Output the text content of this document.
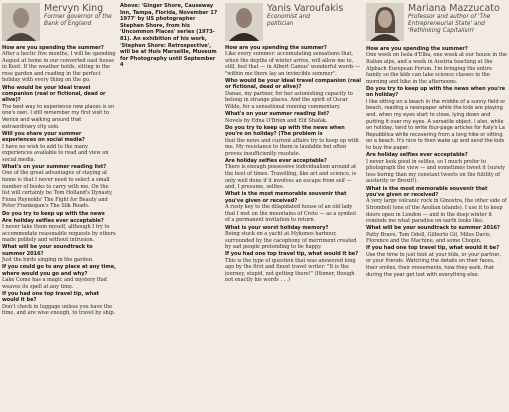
Mervyn King
Former governor of the
Bank of England
How are you spending the summer?
After a hectic five months, I will be spending August at home in our converted oast house in Kent. If the weather holds, sitting in the rose garden and reading in the perfect holiday with every thing on the go.
Who would be your ideal travel companion (real or fictional, dead or alive)?
The best way to experience new places is on one's own. I still remember my first visit to Venice and walking around that extraordinary city solo.
Will you share your summer experiences on social media?
I have no wish to add to the many experiences available to read and view on social media.
What's on your summer reading list?
One of the great advantages of staying at home is that I never need to select a small number of books to carry with me. On the list will certainly be Tom Holland's Dynasty, Fiona Reynolds' The Fight for Beauty and Peter Frankopan's The Silk Roads.
Do you try to keep up with the news
Are holiday selfies ever acceptable?
I never take them myself, although I try to accommodate reasonable requests by others made politely and without intrusion.
What will be your soundtrack to summer 2016?
Just the birds singing in the garden.
If you could go to any place at any time, where would you go and why?
Lake Como has a magic and mystery that weaves its spell at any time.
If you had one top travel tip, what would it be?
Don't check in luggage unless you have the time, and are wise enough, to travel by ship.
Above: 'Ginger Shore, Causeway Inn, Tampa, Florida, November 17 1977' by US photographer Stephen Shore, from his 'Uncommon Places' series (1973-81). An exhibition of his work, 'Stephen Shore: Retrospective', will be at Huis Marseille, Museum for Photography until September 4
Yanis Varoufakis
Economist and
politician
How are you spending the summer?
Like every summer: accumulating sensations that, when the depths of winter arrive, will allow me to, still, feel that — in Albert Camus' wonderful words — "within me there lay an invincible summer".
Who would be your ideal travel companion (real or fictional, dead or alive)?
Danae, my partner, for her astonishing capacity to belong in strange places. And the spirit of Oscar Wilde, for a sensational running commentary.
What's on your summer reading list?
Novels by Edna O'Brien and Elif Shafak.
Do you try to keep up with the news when you're on holiday? (The problem is
that the news and current affairs try to keep up with me. My resistance to them is laudable but often proves insufficiently resolute.
Are holiday selfies ever acceptable?
There is enough possessive individualism around at the best of times. Travelling, like art and science, is only well done if it involves an escape from self — and, I presume, selfies.
What is the most memorable souvenir that you've given or received?
A rusty key to the dilapidated house of an old lady that I met on the mountains of Crete — as a symbol of a permanent invitation to return.
What is your worst holiday memory?
Being stuck on a yacht at Mykonos harbour, surrounded by the cacophony of merriment created by sad people pretending to be happy.
If you had one top travel tip, what would it be?
This is the type of question that was answered long ago by the first and finest travel writer: "It is the journey, stupid, not getting there!" (Homer, though not exactly his words . . .)
Mariana Mazzucato
Professor and author of 'The
Entrepreneurial State' and
'Rethinking Capitalism'
How are you spending the summer?
One week on Isola d'Elba, one week at our house in the Italian alps, and a week in Austria teaching at the Alpbach European Forum. I'm bringing the entire family so the kids can take science classes in the morning and hike in the afternoons.
Do you try to keep up with the news when you're on holiday?
I like sitting on a beach in the middle of a sunny field or beach, reading a newspaper while the kids are playing and, when my eyes start to close, lying down and putting it over my eyes. A versatile object. I also, while on holiday, tend to write four-page articles for Italy's La Repubblica while recovering from a long hike or sitting on a beach. It's nice to then wake up and send the kids to buy the paper.
Are holiday selfies ever acceptable?
I never look good in selfies, so I much prefer to photograph the view — and sometimes tweet it (surely less boring than my constant tweets on the futility of austerity or Brexit!).
What is the most memorable souvenir that you've given or received?
A very large volcanic rock in Ginostra, the other side of Stromboli (one of the Aeolian islands). I use it to keep doors open in London — and in the deep winter it reminds me what paradise on earth looks like.
What will be your soundtrack to summer 2016?
Patty Bravo, Tom Odell, Gilberto Gil, Miles Davis, Florence and the Machine, and some Chopin.
If you had one top travel tip, what would it be?
Use the time to just look at your kids, or your partner, or your friends. Watching the details on their faces, their smiles, their movements, how they walk, that during the year get lost with everything else.
